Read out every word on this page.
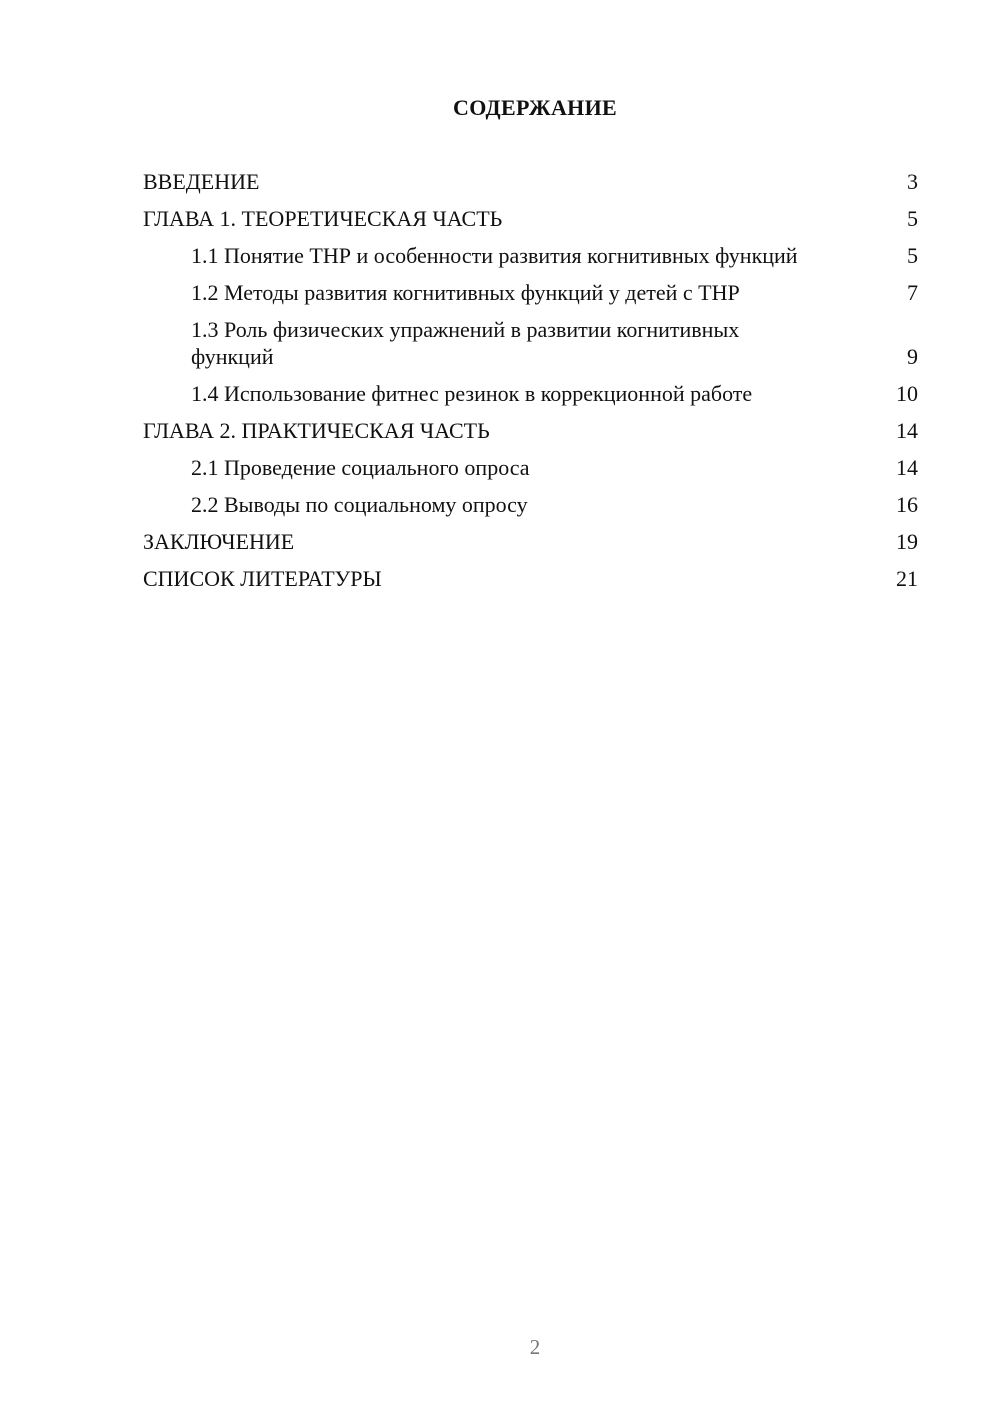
СОДЕРЖАНИЕ
ВВЕДЕНИЕ	3
ГЛАВА 1. ТЕОРЕТИЧЕСКАЯ ЧАСТЬ	5
1.1 Понятие ТНР и особенности развития когнитивных функций	5
1.2 Методы развития когнитивных функций у детей с ТНР	7
1.3 Роль физических упражнений в развитии когнитивных функций	9
1.4 Использование фитнес резинок в коррекционной работе	10
ГЛАВА 2. ПРАКТИЧЕСКАЯ ЧАСТЬ	14
2.1 Проведение социального опроса	14
2.2 Выводы по социальному опросу	16
ЗАКЛЮЧЕНИЕ	19
СПИСОК ЛИТЕРАТУРЫ	21
2
